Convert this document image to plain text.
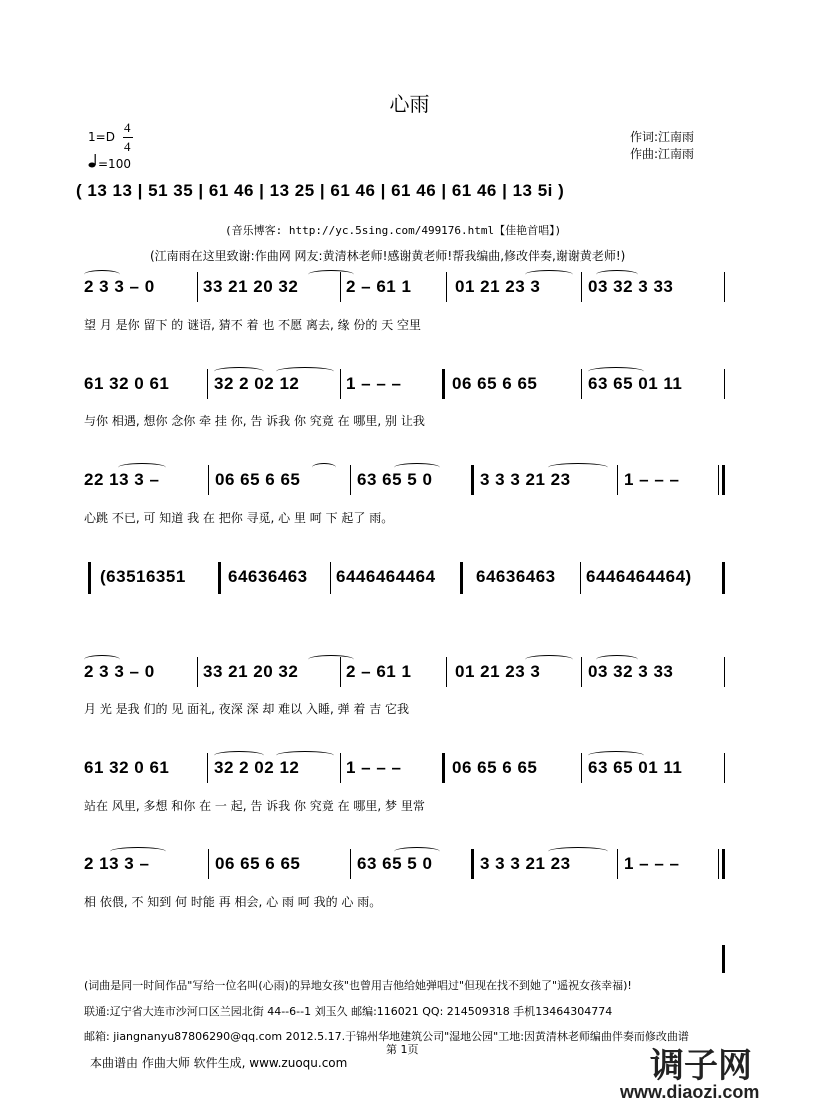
心雨
1=D
4
4
=100
作词:江南雨
作曲:江南雨
( 13 13 | 51 35 | 61 46 | 13 25 | 61 46 | 61 46 | 61 46 | 13 5i )
(音乐博客: http://yc.5sing.com/499176.html【佳艳首唱】)
(江南雨在这里致谢:作曲网 网友:黄清林老师!感谢黄老师!帮我编曲,修改伴奏,谢谢黄老师!)
2 3 3 – 0	33 21 20 32	2 – 61 1	01 21 23 3	03 32 3 33
望 月 是你 留下 的 谜语, 猜不 着 也 不愿 离去, 缘 份的 天 空里
61 32 0 61	32 2 02 12	1 – – –	06 65 6 65	63 65 01 11
与你 相遇, 想你 念你 牵 挂 你, 告 诉我 你 究竟 在 哪里, 别 让我
22 13 3 –	06 65 6 65	63 65 5 0	3 3 3 21 23	1 – – –
心跳 不已, 可 知道 我 在 把你 寻觅, 心 里 呵 下 起了 雨。
(63516351 64636463 6446464464 64636463 6446464464)
2 3 3 – 0	33 21 20 32	2 – 61 1	01 21 23 3	03 32 3 33
月 光 是我 们的 见 面礼, 夜深 深 却 难以 入睡, 弹 着 吉 它我
61 32 0 61	32 2 02 12	1 – – –	06 65 6 65	63 65 01 11
站在 风里, 多想 和你 在 一 起, 告 诉我 你 究竟 在 哪里, 梦 里常
2 13 3 –	06 65 6 65	63 65 5 0	3 3 3 21 23	1 – – –
相 依偎, 不 知到 何 时能 再 相会, 心 雨 呵 我的 心 雨。
(词曲是同一时间作品"写给一位名叫(心雨)的异地女孩"也曾用吉他给她弹唱过"但现在找不到她了"遥祝女孩幸福)!
联通:辽宁省大连市沙河口区兰园北街 44--6--1 刘玉久 邮编:116021 QQ: 214509318 手机13464304774
邮箱: jiangnanyu87806290@qq.com 2012.5.17.于锦州华地建筑公司"湿地公园"工地:因黄清林老师编曲伴奏而修改曲谱
第 1页
本曲谱由 作曲大师 软件生成, www.zuoqu.com	调子网
www.diaozi.com
